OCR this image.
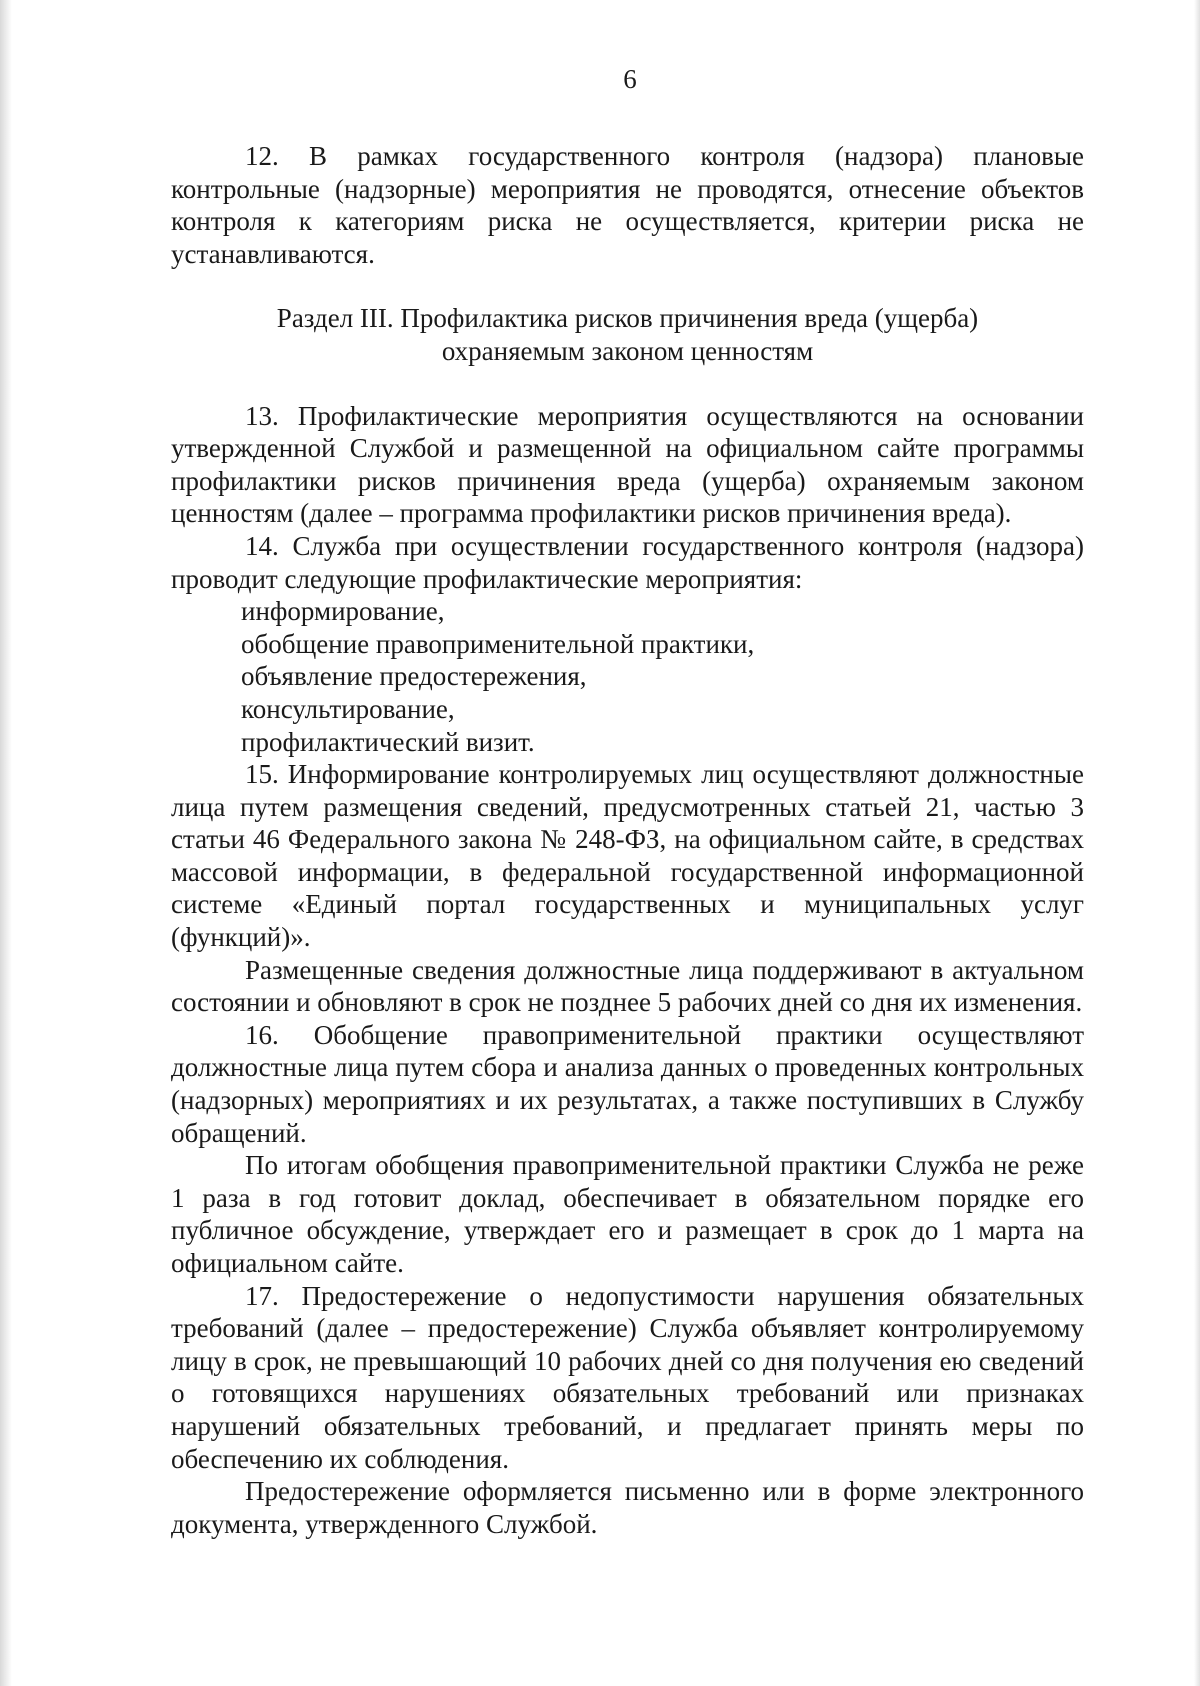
6

12. В рамках государственного контроля (надзора) плановые контрольные (надзорные) мероприятия не проводятся, отнесение объектов контроля к категориям риска не осуществляется, критерии риска не устанавливаются.

Раздел III. Профилактика рисков причинения вреда (ущерба)
охраняемым законом ценностям

13. Профилактические мероприятия осуществляются на основании утвержденной Службой и размещенной на официальном сайте программы профилактики рисков причинения вреда (ущерба) охраняемым законом ценностям (далее – программа профилактики рисков причинения вреда).

14. Служба при осуществлении государственного контроля (надзора) проводит следующие профилактические мероприятия:

информирование,

обобщение правоприменительной практики,

объявление предостережения,

консультирование,

профилактический визит.

15. Информирование контролируемых лиц осуществляют должностные лица путем размещения сведений, предусмотренных статьей 21, частью 3 статьи 46 Федерального закона № 248-ФЗ, на официальном сайте, в средствах массовой информации, в федеральной государственной информационной системе «Единый портал государственных и муниципальных услуг (функций)».

Размещенные сведения должностные лица поддерживают в актуальном состоянии и обновляют в срок не позднее 5 рабочих дней со дня их изменения.

16. Обобщение правоприменительной практики осуществляют должностные лица путем сбора и анализа данных о проведенных контрольных (надзорных) мероприятиях и их результатах, а также поступивших в Службу обращений.

По итогам обобщения правоприменительной практики Служба не реже 1 раза в год готовит доклад, обеспечивает в обязательном порядке его публичное обсуждение, утверждает его и размещает в срок до 1 марта на официальном сайте.

17. Предостережение о недопустимости нарушения обязательных требований (далее – предостережение) Служба объявляет контролируемому лицу в срок, не превышающий 10 рабочих дней со дня получения ею сведений о готовящихся нарушениях обязательных требований или признаках нарушений обязательных требований, и предлагает принять меры по обеспечению их соблюдения.

Предостережение оформляется письменно или в форме электронного документа, утвержденного Службой.
